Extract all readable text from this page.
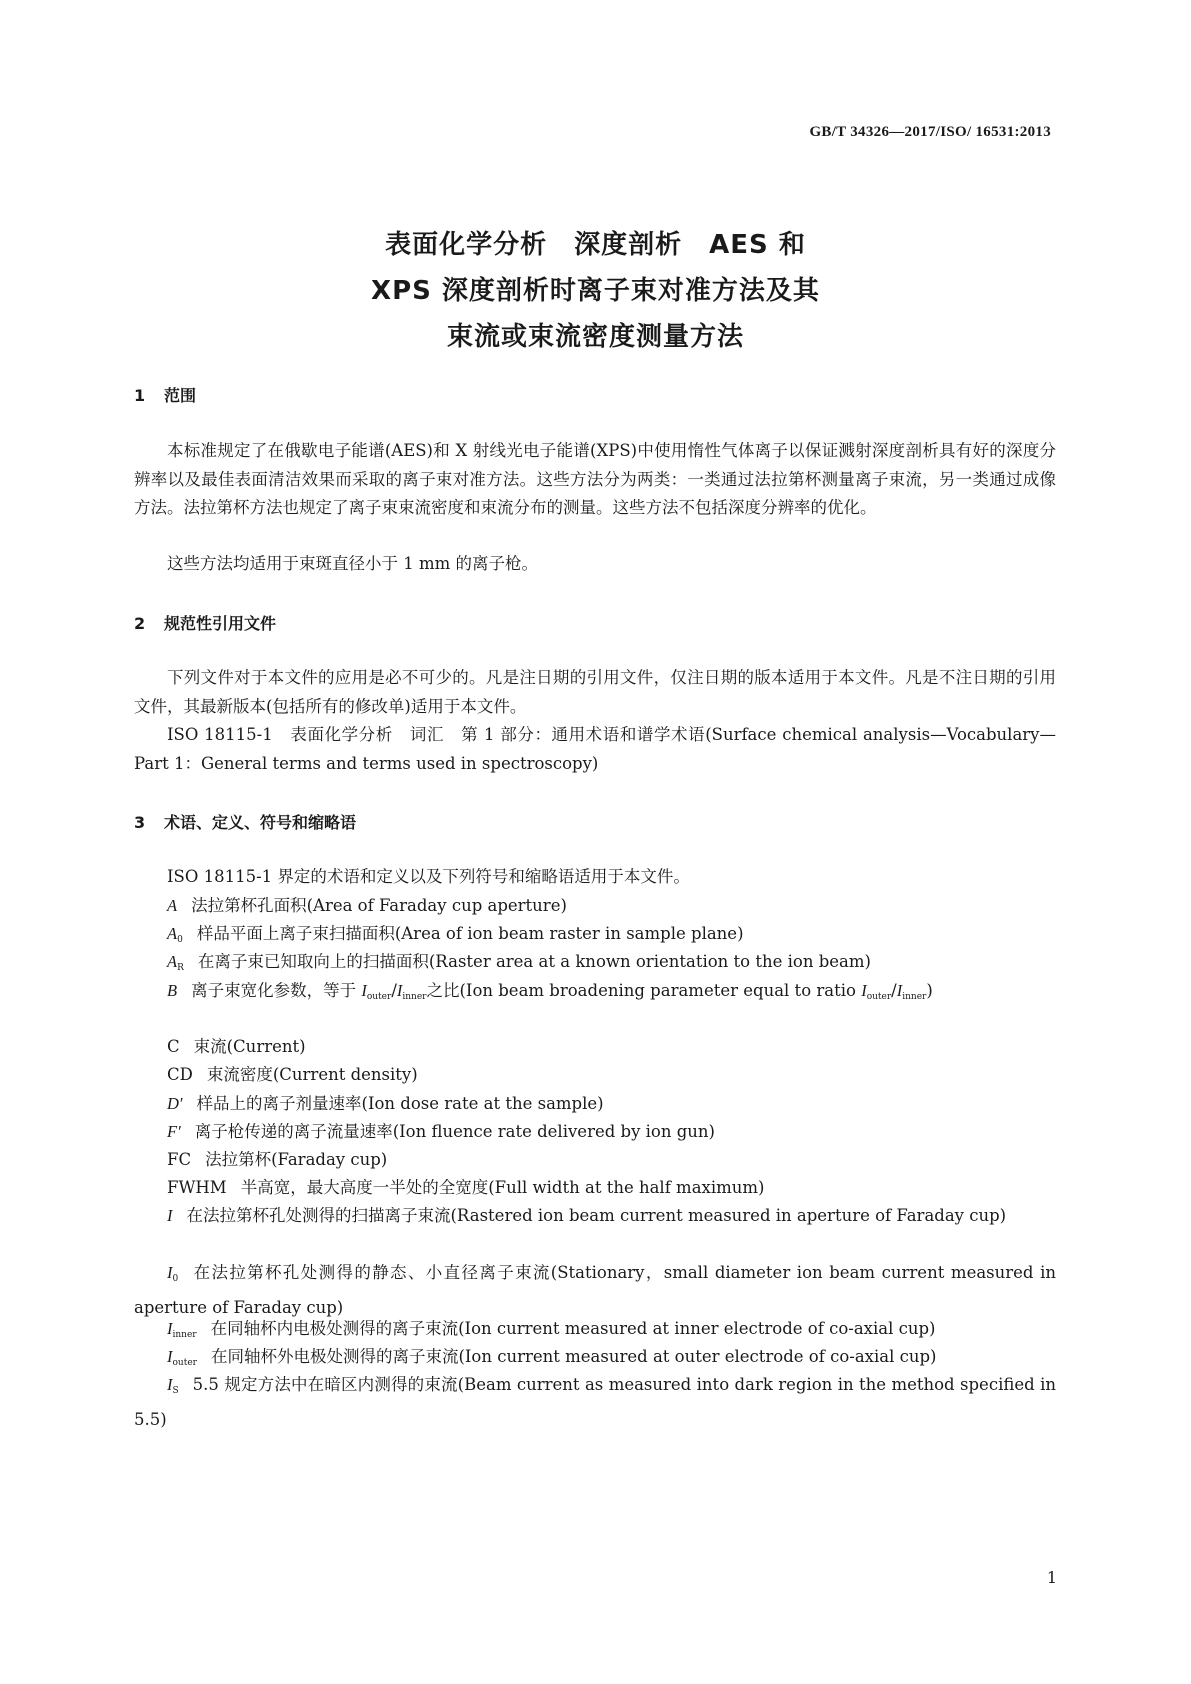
GB/T 34326—2017/ISO/ 16531:2013
表面化学分析　深度剖析　AES 和
XPS 深度剖析时离子束对准方法及其
束流或束流密度测量方法
1 范围

本标准规定了在俄歇电子能谱(AES)和 X 射线光电子能谱(XPS)中使用惰性气体离子以保证溅射深度剖析具有好的深度分辨率以及最佳表面清洁效果而采取的离子束对准方法。这些方法分为两类：一类通过法拉第杯测量离子束流，另一类通过成像方法。法拉第杯方法也规定了离子束束流密度和束流分布的测量。这些方法不包括深度分辨率的优化。

这些方法均适用于束斑直径小于 1 mm 的离子枪。

2 规范性引用文件

下列文件对于本文件的应用是必不可少的。凡是注日期的引用文件，仅注日期的版本适用于本文件。凡是不注日期的引用文件，其最新版本(包括所有的修改单)适用于本文件。

ISO 18115-1　表面化学分析　词汇　第 1 部分：通用术语和谱学术语(Surface chemical analysis—Vocabulary—Part 1：General terms and terms used in spectroscopy)

3 术语、定义、符号和缩略语

ISO 18115-1 界定的术语和定义以及下列符号和缩略语适用于本文件。

A 法拉第杯孔面积(Area of Faraday cup aperture)

$A_0$ 样品平面上离子束扫描面积(Area of ion beam raster in sample plane)

$A_R$ 在离子束已知取向上的扫描面积(Raster area at a known orientation to the ion beam)

B 离子束宽化参数，等于 $I_{outer}/I_{inner}$之比(Ion beam broadening parameter equal to ratio $I_{outer}/I_{inner}$)

C 束流(Current)

CD 束流密度(Current density)

D′ 样品上的离子剂量速率(Ion dose rate at the sample)

F′ 离子枪传递的离子流量速率(Ion fluence rate delivered by ion gun)

FC 法拉第杯(Faraday cup)

FWHM 半高宽，最大高度一半处的全宽度(Full width at the half maximum)

I 在法拉第杯孔处测得的扫描离子束流(Rastered ion beam current measured in aperture of Faraday cup)

$I_0$ 在法拉第杯孔处测得的静态、小直径离子束流(Stationary，small diameter ion beam current measured in aperture of Faraday cup)

$I_{inner}$ 在同轴杯内电极处测得的离子束流(Ion current measured at inner electrode of co-axial cup)

$I_{outer}$ 在同轴杯外电极处测得的离子束流(Ion current measured at outer electrode of co-axial cup)

$I_S$ 5.5 规定方法中在暗区内测得的束流(Beam current as measured into dark region in the method specified in 5.5)

1
